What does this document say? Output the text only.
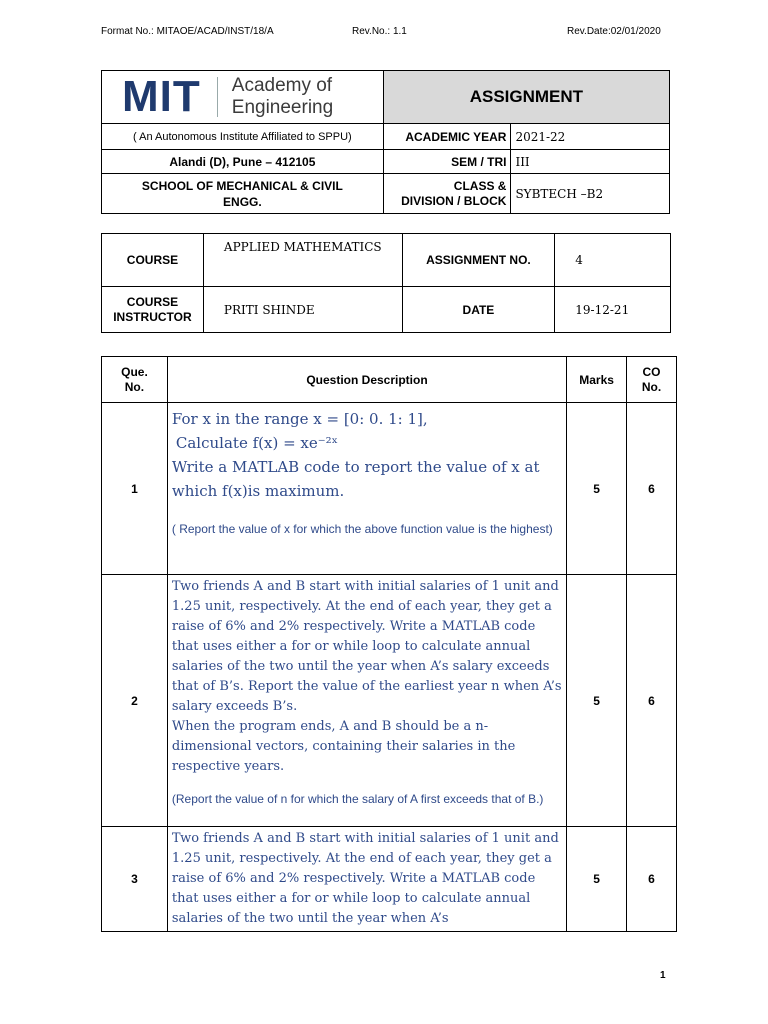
Format No.: MITAOE/ACAD/INST/18/A	Rev.No.: 1.1	Rev.Date:02/01/2020
MIT Academy of
Engineering	ASSIGNMENT	
( An Autonomous Institute Affiliated to SPPU)	ACADEMIC YEAR	2021-22
Alandi (D), Pune – 412105	SEM / TRI	III
SCHOOL OF MECHANICAL & CIVIL
ENGG.	CLASS &
DIVISION / BLOCK	SYBTECH –B2
COURSE	APPLIED MATHEMATICS	ASSIGNMENT NO.	4
COURSE
INSTRUCTOR	PRITI SHINDE	DATE	19-12-21
Que.
No.	Question Description	Marks	CO
No.
1	For x in the range x = [0: 0. 1: 1],
Calculate f(x) = xe⁻²ˣ
Write a MATLAB code to report the value of x at which f(x)is maximum.
( Report the value of x for which the above function value is the highest)	5	6
2	Two friends A and B start with initial salaries of 1 unit and 1.25 unit, respectively. At the end of each year, they get a raise of 6% and 2% respectively. Write a MATLAB code that uses either a for or while loop to calculate annual salaries of the two until the year when A’s salary exceeds that of B’s. Report the value of the earliest year n when A’s salary exceeds B’s.
When the program ends, A and B should be a n-dimensional vectors, containing their salaries in the respective years.
(Report the value of n for which the salary of A first exceeds that of B.)	5	6
3	Two friends A and B start with initial salaries of 1 unit and 1.25 unit, respectively. At the end of each year, they get a raise of 6% and 2% respectively. Write a MATLAB code that uses either a for or while loop to calculate annual salaries of the two until the year when A’s	5	6
1
